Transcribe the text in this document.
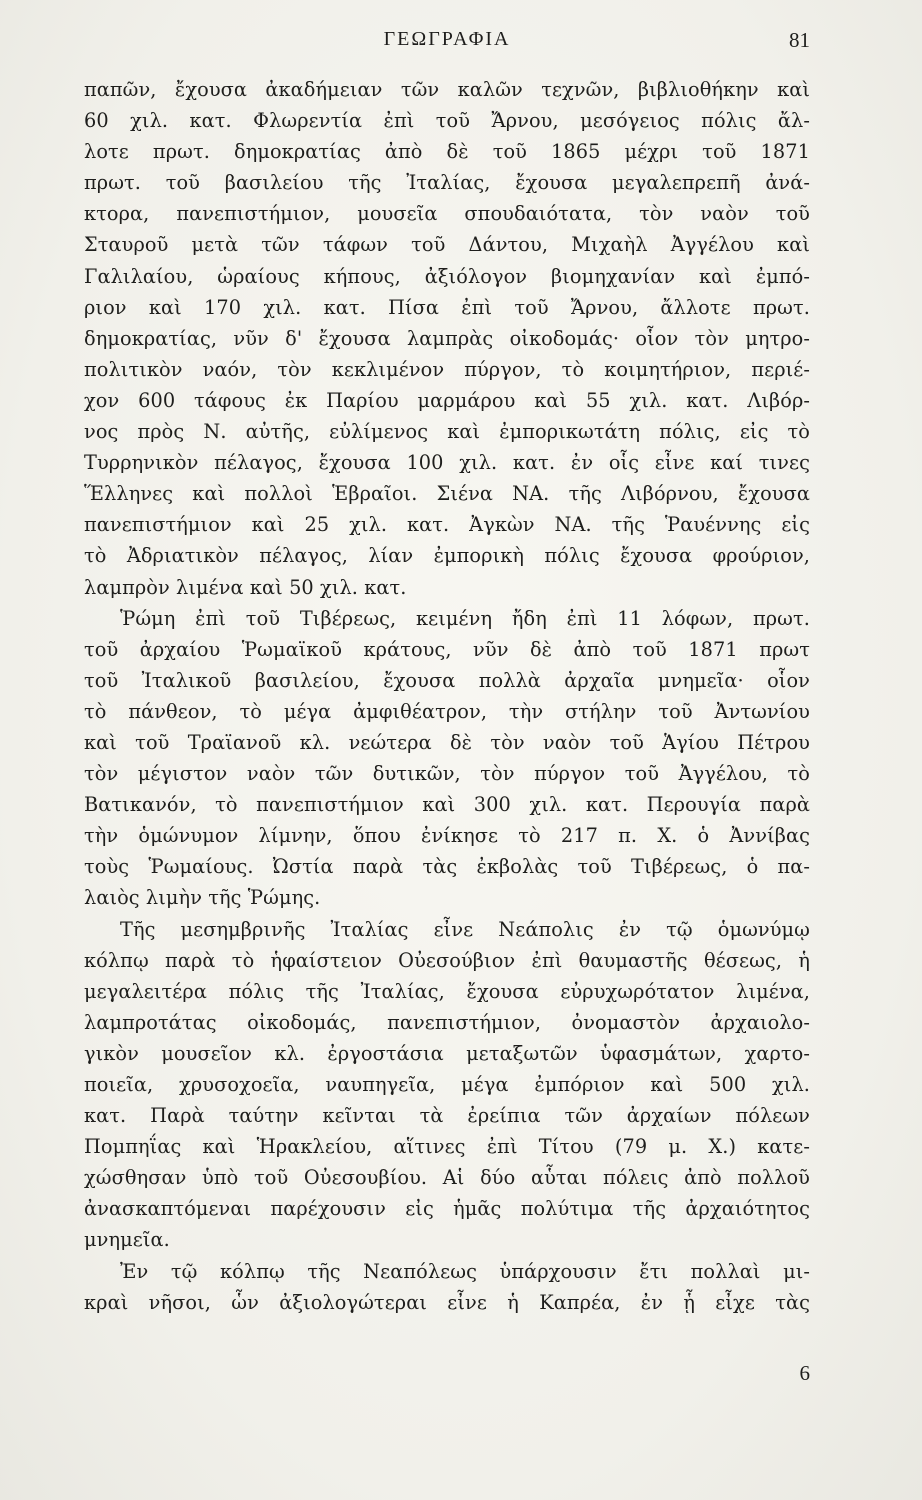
ΓΕΩΓΡΑΦΙΑ	81
παπῶν, ἔχουσα ἀκαδήμειαν τῶν καλῶν τεχνῶν, βιβλιοθήκην καὶ
60 χιλ. κατ. Φλωρεντία ἐπὶ τοῦ Ἄρνου, μεσόγειος πόλις ἄλ-
λοτε πρωτ. δημοκρατίας ἀπὸ δὲ τοῦ 1865 μέχρι τοῦ 1871
πρωτ. τοῦ βασιλείου τῆς Ἰταλίας, ἔχουσα μεγαλεπρεπῆ ἀνά-
κτορα, πανεπιστήμιον, μουσεῖα σπουδαιότατα, τὸν ναὸν τοῦ
Σταυροῦ μετὰ τῶν τάφων τοῦ Δάντου, Μιχαὴλ Ἀγγέλου καὶ
Γαλιλαίου, ὡραίους κήπους, ἀξιόλογον βιομηχανίαν καὶ ἐμπό-
ριον καὶ 170 χιλ. κατ. Πίσα ἐπὶ τοῦ Ἄρνου, ἄλλοτε πρωτ.
δημοκρατίας, νῦν δ' ἔχουσα λαμπρὰς οἰκοδομάς· οἷον τὸν μητρο-
πολιτικὸν ναόν, τὸν κεκλιμένον πύργον, τὸ κοιμητήριον, περιέ-
χον 600 τάφους ἐκ Παρίου μαρμάρου καὶ 55 χιλ. κατ. Λιβόρ-
νος πρὸς Ν. αὐτῆς, εὐλίμενος καὶ ἐμπορικωτάτη πόλις, εἰς τὸ
Τυρρηνικὸν πέλαγος, ἔχουσα 100 χιλ. κατ. ἐν οἷς εἶνε καί τινες
Ἕλληνες καὶ πολλοὶ Ἑβραῖοι. Σιένα ΝΑ. τῆς Λιβόρνου, ἔχουσα
πανεπιστήμιον καὶ 25 χιλ. κατ. Ἀγκὼν ΝΑ. τῆς Ῥαυέννης εἰς
τὸ Ἀδριατικὸν πέλαγος, λίαν ἐμπορικὴ πόλις ἔχουσα φρούριον,
λαμπρὸν λιμένα καὶ 50 χιλ. κατ.
Ῥώμη ἐπὶ τοῦ Τιβέρεως, κειμένη ἤδη ἐπὶ 11 λόφων, πρωτ.
τοῦ ἀρχαίου Ῥωμαϊκοῦ κράτους, νῦν δὲ ἀπὸ τοῦ 1871 πρωτ
τοῦ Ἰταλικοῦ βασιλείου, ἔχουσα πολλὰ ἀρχαῖα μνημεῖα· οἷον
τὸ πάνθεον, τὸ μέγα ἀμφιθέατρον, τὴν στήλην τοῦ Ἀντωνίου
καὶ τοῦ Τραϊανοῦ κλ. νεώτερα δὲ τὸν ναὸν τοῦ Ἁγίου Πέτρου
τὸν μέγιστον ναὸν τῶν δυτικῶν, τὸν πύργον τοῦ Ἀγγέλου, τὸ
Βατικανόν, τὸ πανεπιστήμιον καὶ 300 χιλ. κατ. Περουγία παρὰ
τὴν ὁμώνυμον λίμνην, ὅπου ἐνίκησε τὸ 217 π. Χ. ὁ Ἀννίβας
τοὺς Ῥωμαίους. Ὠστία παρὰ τὰς ἐκβολὰς τοῦ Τιβέρεως, ὁ πα-
λαιὸς λιμὴν τῆς Ῥώμης.
Τῆς μεσημβρινῆς Ἰταλίας εἶνε Νεάπολις ἐν τῷ ὁμωνύμῳ
κόλπῳ παρὰ τὸ ἡφαίστειον Οὐεσούβιον ἐπὶ θαυμαστῆς θέσεως, ἡ
μεγαλειτέρα πόλις τῆς Ἰταλίας, ἔχουσα εὐρυχωρότατον λιμένα,
λαμπροτάτας οἰκοδομάς, πανεπιστήμιον, ὀνομαστὸν ἀρχαιολο-
γικὸν μουσεῖον κλ. ἐργοστάσια μεταξωτῶν ὑφασμάτων, χαρτο-
ποιεῖα, χρυσοχοεῖα, ναυπηγεῖα, μέγα ἐμπόριον καὶ 500 χιλ.
κατ. Παρὰ ταύτην κεῖνται τὰ ἐρείπια τῶν ἀρχαίων πόλεων
Πομπηΐας καὶ Ἡρακλείου, αἵτινες ἐπὶ Τίτου (79 μ. Χ.) κατε-
χώσθησαν ὑπὸ τοῦ Οὐεσουβίου. Αἱ δύο αὗται πόλεις ἀπὸ πολλοῦ
ἀνασκαπτόμεναι παρέχουσιν εἰς ἡμᾶς πολύτιμα τῆς ἀρχαιότητος
μνημεῖα.
Ἐν τῷ κόλπῳ τῆς Νεαπόλεως ὑπάρχουσιν ἔτι πολλαὶ μι-
κραὶ νῆσοι, ὧν ἀξιολογώτεραι εἶνε ἡ Καπρέα, ἐν ᾗ εἶχε τὰς
6
